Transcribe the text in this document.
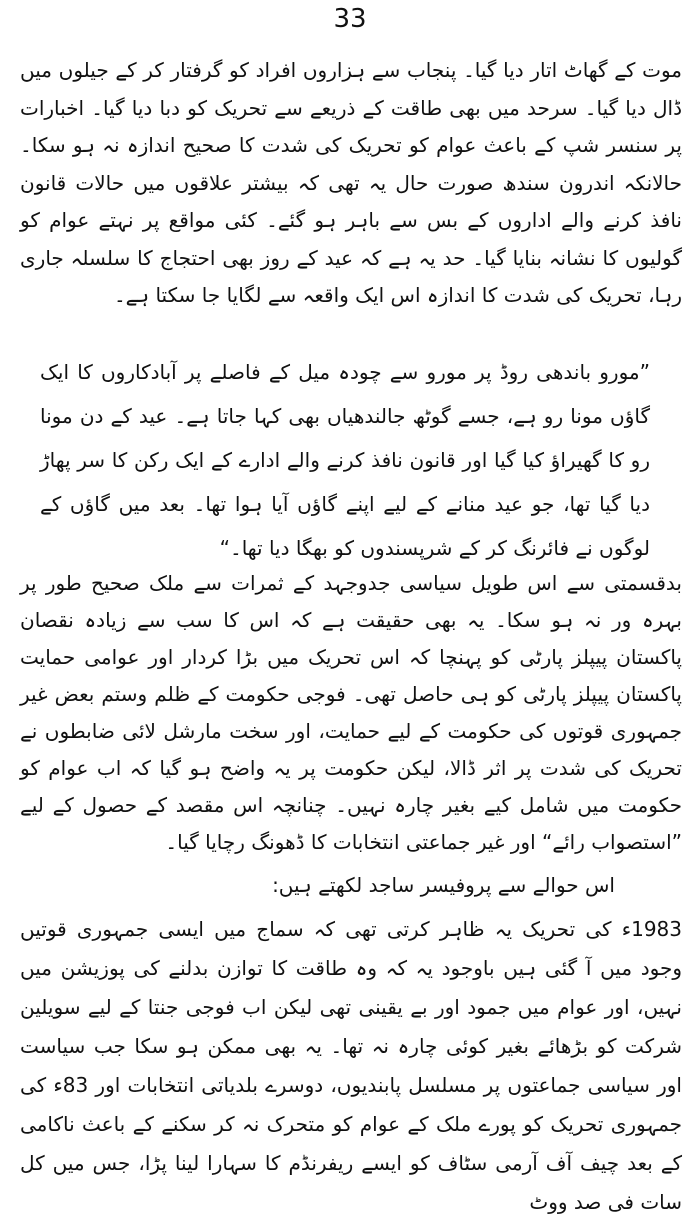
33

موت کے گھاٹ اتار دیا گیا۔ پنجاب سے ہزاروں افراد کو گرفتار کر کے جیلوں میں ڈال دیا گیا۔ سرحد میں بھی طاقت کے ذریعے سے تحریک کو دبا دیا گیا۔ اخبارات پر سنسر شپ کے باعث عوام کو تحریک کی شدت کا صحیح اندازہ نہ ہو سکا۔ حالانکہ اندرون سندھ صورت حال یہ تھی کہ بیشتر علاقوں میں حالات قانون نافذ کرنے والے اداروں کے بس سے باہر ہو گئے۔ کئی مواقع پر نہتے عوام کو گولیوں کا نشانہ بنایا گیا۔ حد یہ ہے کہ عید کے روز بھی احتجاج کا سلسلہ جاری رہا، تحریک کی شدت کا اندازہ اس ایک واقعہ سے لگایا جا سکتا ہے۔

”مورو باندھی روڈ پر مورو سے چودہ میل کے فاصلے پر آبادکاروں کا ایک گاؤں مونا رو ہے، جسے گوٹھ جالندھیاں بھی کہا جاتا ہے۔ عید کے دن مونا رو کا گھیراؤ کیا گیا اور قانون نافذ کرنے والے ادارے کے ایک رکن کا سر پھاڑ دیا گیا تھا، جو عید منانے کے لیے اپنے گاؤں آیا ہوا تھا۔ بعد میں گاؤں کے لوگوں نے فائرنگ کر کے شرپسندوں کو بھگا دیا تھا۔“

بدقسمتی سے اس طویل سیاسی جدوجہد کے ثمرات سے ملک صحیح طور پر بہرہ ور نہ ہو سکا۔ یہ بھی حقیقت ہے کہ اس کا سب سے زیادہ نقصان پاکستان پیپلز پارٹی کو پہنچا کہ اس تحریک میں بڑا کردار اور عوامی حمایت پاکستان پیپلز پارٹی کو ہی حاصل تھی۔ فوجی حکومت کے ظلم وستم بعض غیر جمہوری قوتوں کی حکومت کے لیے حمایت، اور سخت مارشل لائی ضابطوں نے تحریک کی شدت پر اثر ڈالا، لیکن حکومت پر یہ واضح ہو گیا کہ اب عوام کو حکومت میں شامل کیے بغیر چارہ نہیں۔ چنانچہ اس مقصد کے حصول کے لیے ”استصواب رائے“ اور غیر جماعتی انتخابات کا ڈھونگ رچایا گیا۔

اس حوالے سے پروفیسر ساجد لکھتے ہیں:

1983ء کی تحریک یہ ظاہر کرتی تھی کہ سماج میں ایسی جمہوری قوتیں وجود میں آ گئی ہیں باوجود یہ کہ وہ طاقت کا توازن بدلنے کی پوزیشن میں نہیں، اور عوام میں جمود اور بے یقینی تھی لیکن اب فوجی جنتا کے لیے سویلین شرکت کو بڑھائے بغیر کوئی چارہ نہ تھا۔ یہ بھی ممکن ہو سکا جب سیاست اور سیاسی جماعتوں پر مسلسل پابندیوں، دوسرے بلدیاتی انتخابات اور 83ء کی جمہوری تحریک کو پورے ملک کے عوام کو متحرک نہ کر سکنے کے باعث ناکامی کے بعد چیف آف آرمی سٹاف کو ایسے ریفرنڈم کا سہارا لینا پڑا، جس میں کل سات فی صد ووٹ
